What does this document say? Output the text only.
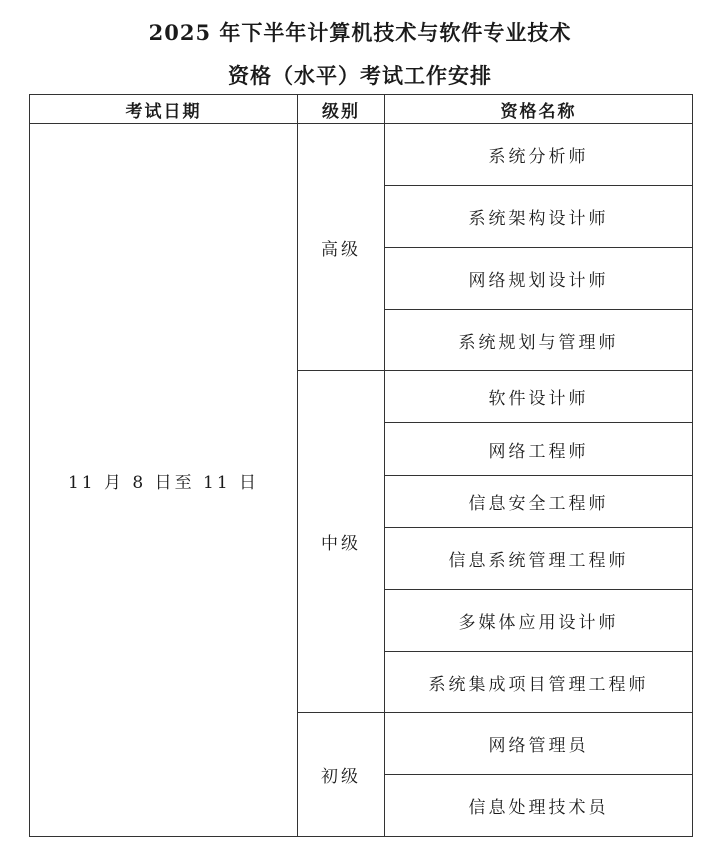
2025 年下半年计算机技术与软件专业技术
资格（水平）考试工作安排
考试日期	级别	资格名称
11 月 8 日至 11 日	高级	系统分析师
		系统架构设计师
		网络规划设计师
		系统规划与管理师
	中级	软件设计师
		网络工程师
		信息安全工程师
		信息系统管理工程师
		多媒体应用设计师
		系统集成项目管理工程师
	初级	网络管理员
		信息处理技术员
